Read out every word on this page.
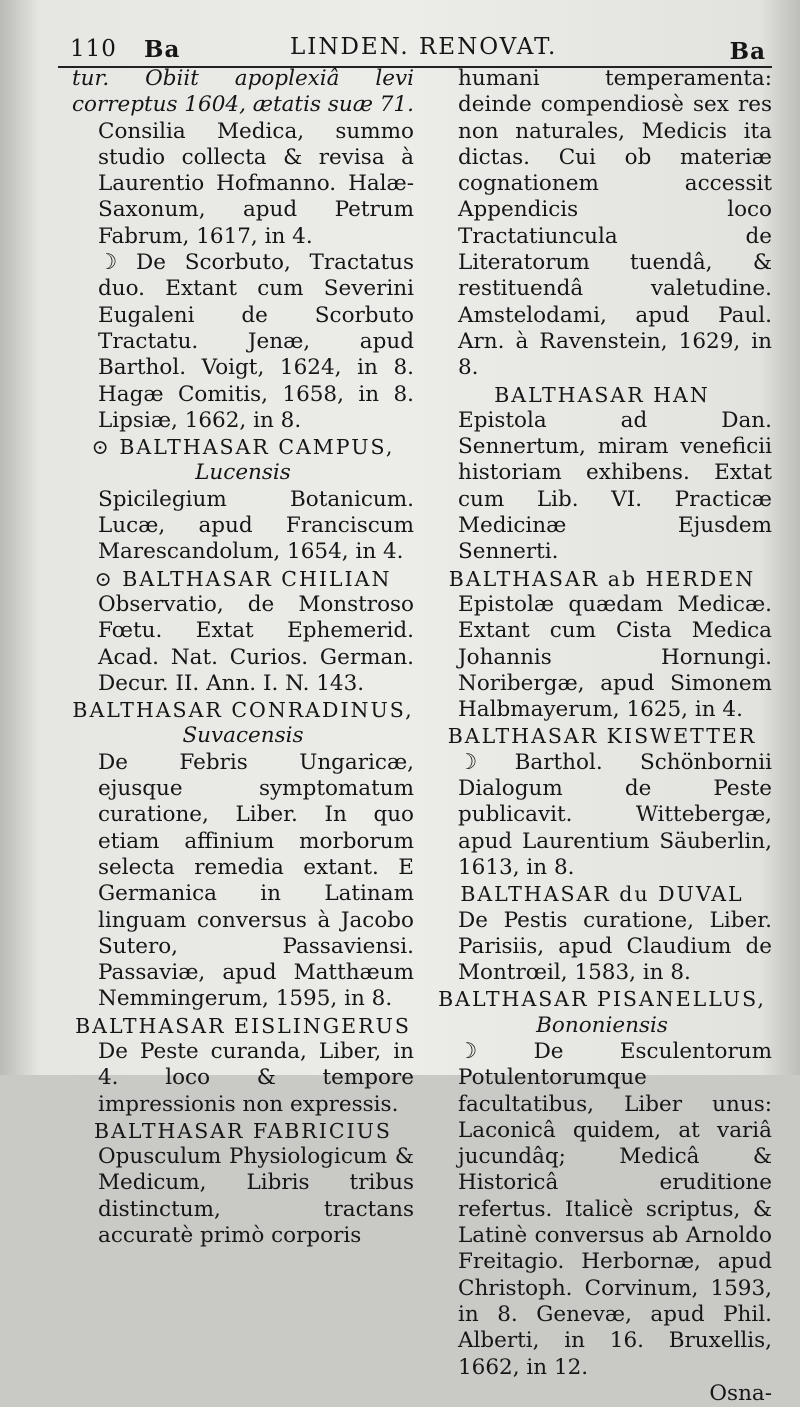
110 Ba	LINDEN. RENOVAT.	Ba

tur. Obiit apoplexiâ levi correptus 1604, ætatis suæ 71.

Consilia Medica, summo studio collecta & revisa à Laurentio Hofmanno. Halæ-Saxonum, apud Petrum Fabrum, 1617, in 4.

☽ De Scorbuto, Tractatus duo. Extant cum Severini Eugaleni de Scorbuto Tractatu. Jenæ, apud Barthol. Voigt, 1624, in 8. Hagæ Comitis, 1658, in 8. Lipsiæ, 1662, in 8.

⊙ BALTHASAR CAMPUS,

Lucensis

Spicilegium Botanicum. Lucæ, apud Franciscum Marescandolum, 1654, in 4.

⊙ BALTHASAR CHILIAN

Observatio, de Monstroso Fœtu. Extat Ephemerid. Acad. Nat. Curios. German. Decur. II. Ann. I. N. 143.

BALTHASAR CONRADINUS,

Suvacensis

De Febris Ungaricæ, ejusque symptomatum curatione, Liber. In quo etiam affinium morborum selecta remedia extant. E Germanica in Latinam linguam conversus à Jacobo Sutero, Passaviensi. Passaviæ, apud Matthæum Nemmingerum, 1595, in 8.

BALTHASAR EISLINGERUS

De Peste curanda, Liber, in 4. loco & tempore impressionis non expressis.

BALTHASAR FABRICIUS

Opusculum Physiologicum & Medicum, Libris tribus distinctum, tractans accuratè primò corporis

humani temperamenta: deinde compendiosè sex res non naturales, Medicis ita dictas. Cui ob materiæ cognationem accessit Appendicis loco Tractatiuncula de Literatorum tuendâ, & restituendâ valetudine. Amstelodami, apud Paul. Arn. à Ravenstein, 1629, in 8.

BALTHASAR HAN

Epistola ad Dan. Sennertum, miram veneficii historiam exhibens. Extat cum Lib. VI. Practicæ Medicinæ Ejusdem Sennerti.

BALTHASAR ab HERDEN

Epistolæ quædam Medicæ. Extant cum Cista Medica Johannis Hornungi. Noribergæ, apud Simonem Halbmayerum, 1625, in 4.

BALTHASAR KISWETTER

☽ Barthol. Schönbornii Dialogum de Peste publicavit. Wittebergæ, apud Laurentium Säuberlin, 1613, in 8.

BALTHASAR du DUVAL

De Pestis curatione, Liber. Parisiis, apud Claudium de Montrœil, 1583, in 8.

BALTHASAR PISANELLUS,

Bononiensis

☽ De Esculentorum Potulentorumque facultatibus, Liber unus: Laconicâ quidem, at variâ jucundâq; Medicâ & Historicâ eruditione refertus. Italicè scriptus, & Latinè conversus ab Arnoldo Freitagio. Herbornæ, apud Christoph. Corvinum, 1593, in 8. Genevæ, apud Phil. Alberti, in 16. Bruxellis, 1662, in 12.

Osna-
